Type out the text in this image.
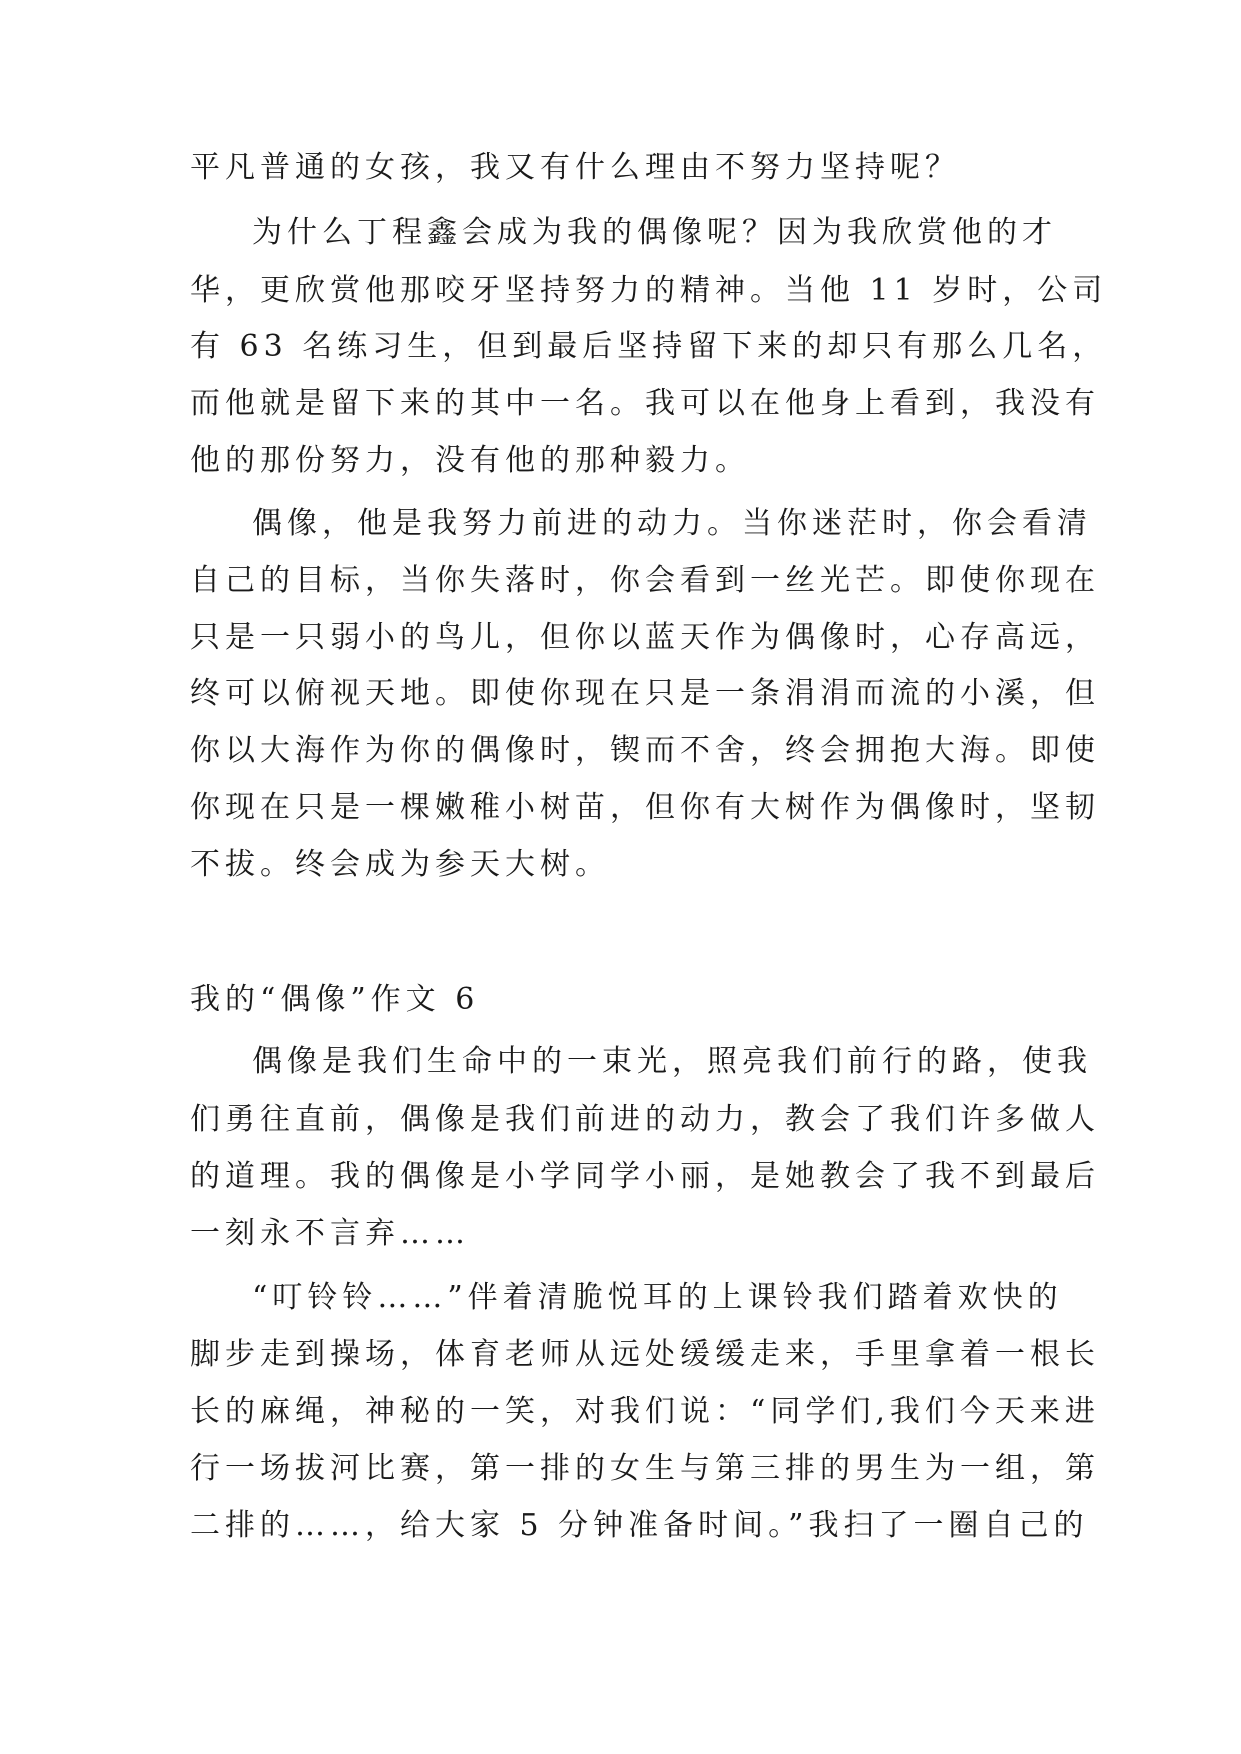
平凡普通的女孩，我又有什么理由不努力坚持呢？
为什么丁程鑫会成为我的偶像呢？因为我欣赏他的才
华，更欣赏他那咬牙坚持努力的精神。当他 11 岁时，公司
有 63 名练习生，但到最后坚持留下来的却只有那么几名，
而他就是留下来的其中一名。我可以在他身上看到，我没有
他的那份努力，没有他的那种毅力。
偶像，他是我努力前进的动力。当你迷茫时，你会看清
自己的目标，当你失落时，你会看到一丝光芒。即使你现在
只是一只弱小的鸟儿，但你以蓝天作为偶像时，心存高远，
终可以俯视天地。即使你现在只是一条涓涓而流的小溪，但
你以大海作为你的偶像时，锲而不舍，终会拥抱大海。即使
你现在只是一棵嫩稚小树苗，但你有大树作为偶像时，坚韧
不拔。终会成为参天大树。
我的“偶像”作文 6
偶像是我们生命中的一束光，照亮我们前行的路，使我
们勇往直前，偶像是我们前进的动力，教会了我们许多做人
的道理。我的偶像是小学同学小丽，是她教会了我不到最后
一刻永不言弃……
“叮铃铃……”伴着清脆悦耳的上课铃我们踏着欢快的
脚步走到操场，体育老师从远处缓缓走来，手里拿着一根长
长的麻绳，神秘的一笑，对我们说：“同学们,我们今天来进
行一场拔河比赛，第一排的女生与第三排的男生为一组，第
二排的……，给大家 5 分钟准备时间。”我扫了一圈自己的
